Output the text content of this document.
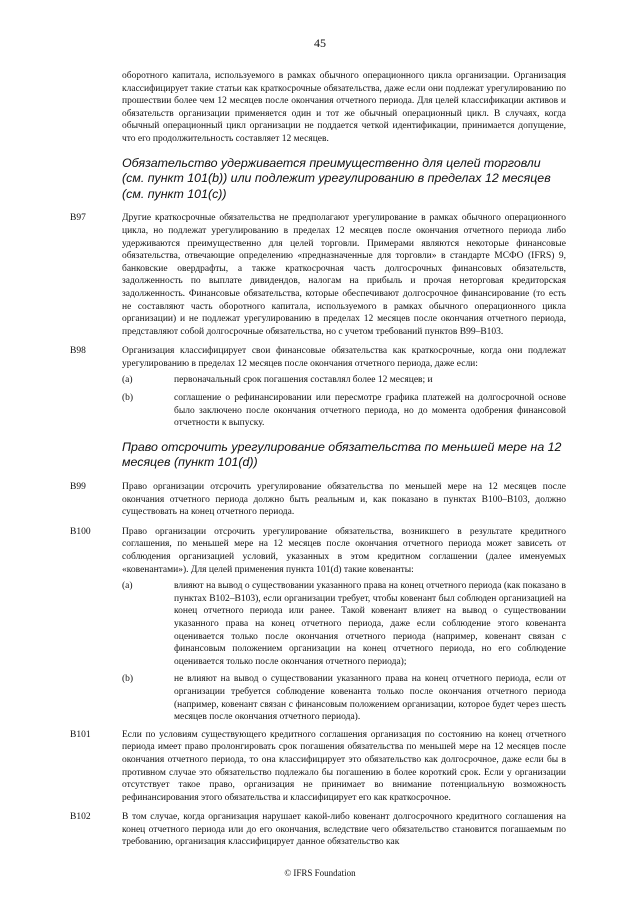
45
оборотного капитала, используемого в рамках обычного операционного цикла организации. Организация классифицирует такие статьи как краткосрочные обязательства, даже если они подлежат урегулированию по прошествии более чем 12 месяцев после окончания отчетного периода. Для целей классификации активов и обязательств организации применяется один и тот же обычный операционный цикл. В случаях, когда обычный операционный цикл организации не поддается четкой идентификации, принимается допущение, что его продолжительность составляет 12 месяцев.
Обязательство удерживается преимущественно для целей торговли (см. пункт 101(b)) или подлежит урегулированию в пределах 12 месяцев (см. пункт 101(c))
B97	Другие краткосрочные обязательства не предполагают урегулирование в рамках обычного операционного цикла, но подлежат урегулированию в пределах 12 месяцев после окончания отчетного периода либо удерживаются преимущественно для целей торговли. Примерами являются некоторые финансовые обязательства, отвечающие определению «предназначенные для торговли» в стандарте МСФО (IFRS) 9, банковские овердрафты, а также краткосрочная часть долгосрочных финансовых обязательств, задолженность по выплате дивидендов, налогам на прибыль и прочая неторговая кредиторская задолженность. Финансовые обязательства, которые обеспечивают долгосрочное финансирование (то есть не составляют часть оборотного капитала, используемого в рамках обычного операционного цикла организации) и не подлежат урегулированию в пределах 12 месяцев после окончания отчетного периода, представляют собой долгосрочные обязательства, но с учетом требований пунктов B99–B103.
B98	Организация классифицирует свои финансовые обязательства как краткосрочные, когда они подлежат урегулированию в пределах 12 месяцев после окончания отчетного периода, даже если:
(a)	первоначальный срок погашения составлял более 12 месяцев; и
(b)	соглашение о рефинансировании или пересмотре графика платежей на долгосрочной основе было заключено после окончания отчетного периода, но до момента одобрения финансовой отчетности к выпуску.
Право отсрочить урегулирование обязательства по меньшей мере на 12 месяцев (пункт 101(d))
B99	Право организации отсрочить урегулирование обязательства по меньшей мере на 12 месяцев после окончания отчетного периода должно быть реальным и, как показано в пунктах B100–B103, должно существовать на конец отчетного периода.
B100	Право организации отсрочить урегулирование обязательства, возникшего в результате кредитного соглашения, по меньшей мере на 12 месяцев после окончания отчетного периода может зависеть от соблюдения организацией условий, указанных в этом кредитном соглашении (далее именуемых «ковенантами»). Для целей применения пункта 101(d) такие ковенанты:
(a)	влияют на вывод о существовании указанного права на конец отчетного периода (как показано в пунктах B102–B103), если организации требует, чтобы ковенант был соблюден организацией на конец отчетного периода или ранее. Такой ковенант влияет на вывод о существовании указанного права на конец отчетного периода, даже если соблюдение этого ковенанта оценивается только после окончания отчетного периода (например, ковенант связан с финансовым положением организации на конец отчетного периода, но его соблюдение оценивается только после окончания отчетного периода);
(b)	не влияют на вывод о существовании указанного права на конец отчетного периода, если от организации требуется соблюдение ковенанта только после окончания отчетного периода (например, ковенант связан с финансовым положением организации, которое будет через шесть месяцев после окончания отчетного периода).
B101	Если по условиям существующего кредитного соглашения организация по состоянию на конец отчетного периода имеет право пролонгировать срок погашения обязательства по меньшей мере на 12 месяцев после окончания отчетного периода, то она классифицирует это обязательство как долгосрочное, даже если бы в противном случае это обязательство подлежало бы погашению в более короткий срок. Если у организации отсутствует такое право, организация не принимает во внимание потенциальную возможность рефинансирования этого обязательства и классифицирует его как краткосрочное.
B102	В том случае, когда организация нарушает какой-либо ковенант долгосрочного кредитного соглашения на конец отчетного периода или до его окончания, вследствие чего обязательство становится погашаемым по требованию, организация классифицирует данное обязательство как
© IFRS Foundation
